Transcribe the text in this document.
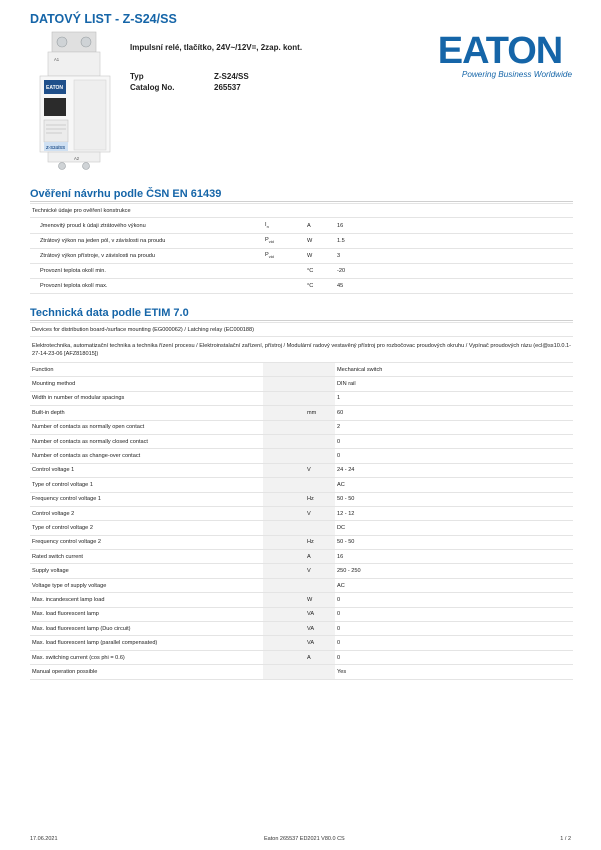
DATOVÝ LIST - Z-S24/SS
A1
EATON
Z-S24/SS
A2
Impulsní relé, tlačítko, 24V~/12V=, 2zap. kont.
Typ	Z-S24/SS
Catalog No.	265537
EATON
Powering Business Worldwide
Ověření návrhu podle ČSN EN 61439
Technické údaje pro ověření konstrukce			
Jmenovitý proud k údaji ztrátového výkonu	$I_n$	A	16
Ztrátový výkon na jeden pól, v závislosti na proudu	$P_{vid}$	W	1.5
Ztrátový výkon přístroje, v závislosti na proudu	$P_{vid}$	W	3
Provozní teplota okolí min.		°C	-20
Provozní teplota okolí max.		°C	45
Technická data podle ETIM 7.0
Devices for distribution board-/surface mounting (EG000062) / Latching relay (EC000188)			
Elektrotechnika, automatizační technika a technika řízení procesu / Elektroinstalační zařízení, přístroj / Modulární radový vestavěný přístroj pro rozbočovac proudových okruhu / Vypínač proudových rázu (ecl@ss10.0.1-27-14-23-06 [AFZ818015])			
Function			Mechanical switch
Mounting method			DIN rail
Width in number of modular spacings			1
Built-in depth		mm	60
Number of contacts as normally open contact			2
Number of contacts as normally closed contact			0
Number of contacts as change-over contact			0
Control voltage 1		V	24 - 24
Type of control voltage 1			AC
Frequency control voltage 1		Hz	50 - 50
Control voltage 2		V	12 - 12
Type of control voltage 2			DC
Frequency control voltage 2		Hz	50 - 50
Rated switch current		A	16
Supply voltage		V	250 - 250
Voltage type of supply voltage			AC
Max. incandescent lamp load		W	0
Max. load fluorescent lamp		VA	0
Max. load fluorescent lamp (Duo circuit)		VA	0
Max. load fluorescent lamp (parallel compensated)		VA	0
Max. switching current (cos phi = 0.6)		A	0
Manual operation possible			Yes
17.06.2021	Eaton 265537 ED2021 V80.0 CS	1 / 2
